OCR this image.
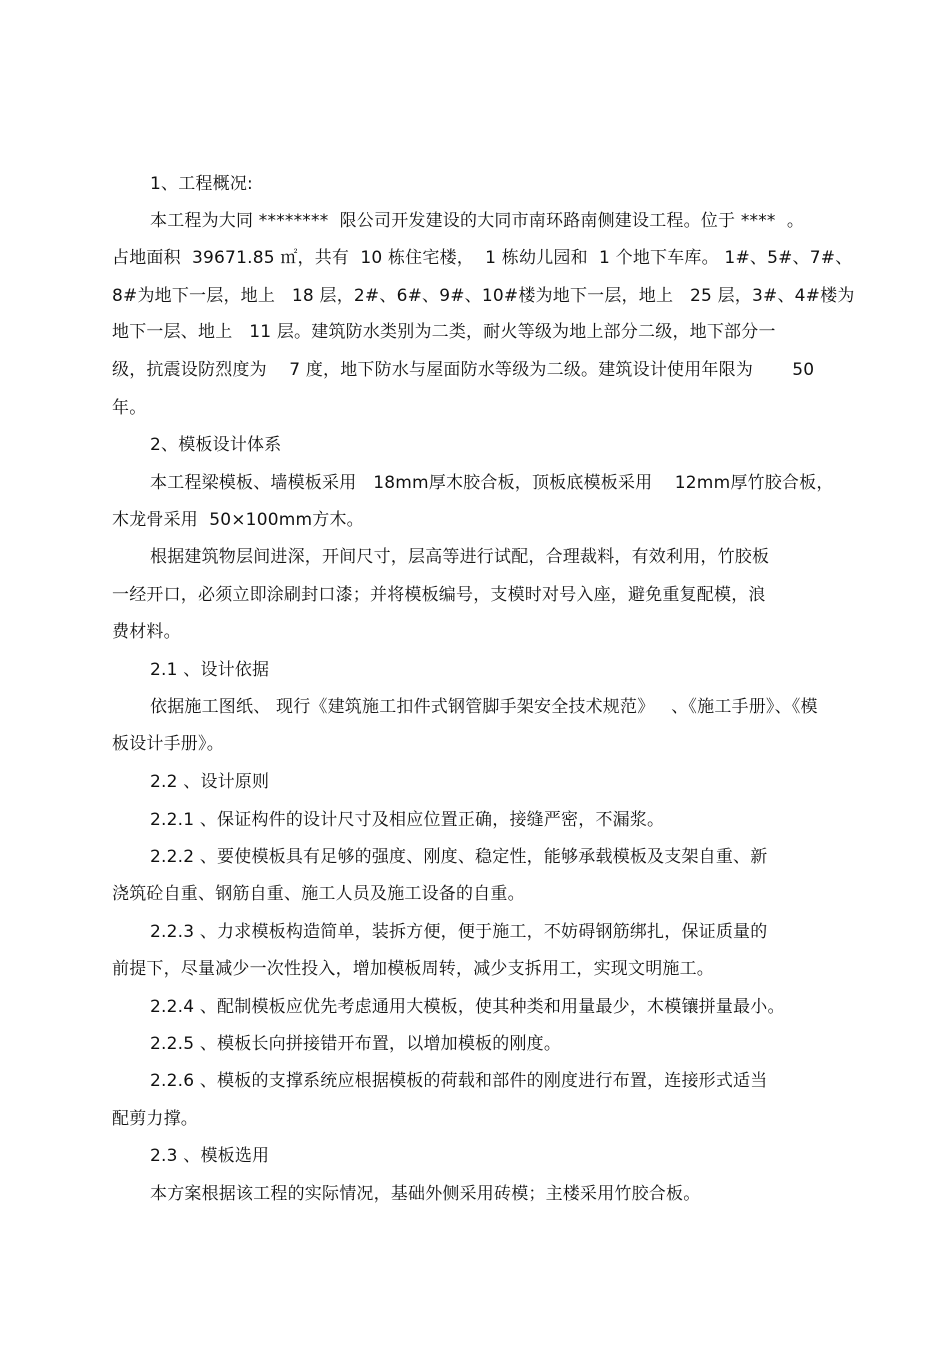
1、工程概况:
本工程为大同 ********  限公司开发建设的大同市南环路南侧建设工程。位于 ****  。
占地面积  39671.85 ㎡，共有  10 栋住宅楼，  1 栋幼儿园和  1 个地下车库。 1#、5#、7#、
8#为地下一层，地上   18 层，2#、6#、9#、10#楼为地下一层，地上   25 层，3#、4#楼为
地下一层、地上   11 层。建筑防水类别为二类，耐火等级为地上部分二级，地下部分一
级，抗震设防烈度为    7 度，地下防水与屋面防水等级为二级。建筑设计使用年限为       50
年。
2、模板设计体系
本工程梁模板、墙模板采用   18mm厚木胶合板，顶板底模板采用    12mm厚竹胶合板，
木龙骨采用  50×100mm方木。
根据建筑物层间进深，开间尺寸，层高等进行试配，合理裁料，有效利用，竹胶板
一经开口，必须立即涂刷封口漆；并将模板编号，支模时对号入座，避免重复配模，浪
费材料。
2.1 、设计依据
依据施工图纸、 现行《建筑施工扣件式钢管脚手架安全技术规范》   、《施工手册》、《模
板设计手册》。
2.2 、设计原则
2.2.1 、保证构件的设计尺寸及相应位置正确，接缝严密，不漏浆。
2.2.2 、要使模板具有足够的强度、刚度、稳定性，能够承载模板及支架自重、新
浇筑砼自重、钢筋自重、施工人员及施工设备的自重。
2.2.3 、力求模板构造简单，装拆方便，便于施工，不妨碍钢筋绑扎，保证质量的
前提下，尽量减少一次性投入，增加模板周转，减少支拆用工，实现文明施工。
2.2.4 、配制模板应优先考虑通用大模板，使其种类和用量最少，木模镶拼量最小。
2.2.5 、模板长向拼接错开布置，以增加模板的刚度。
2.2.6 、模板的支撑系统应根据模板的荷载和部件的刚度进行布置，连接形式适当
配剪力撑。
2.3 、模板选用
本方案根据该工程的实际情况，基础外侧采用砖模；主楼采用竹胶合板。
